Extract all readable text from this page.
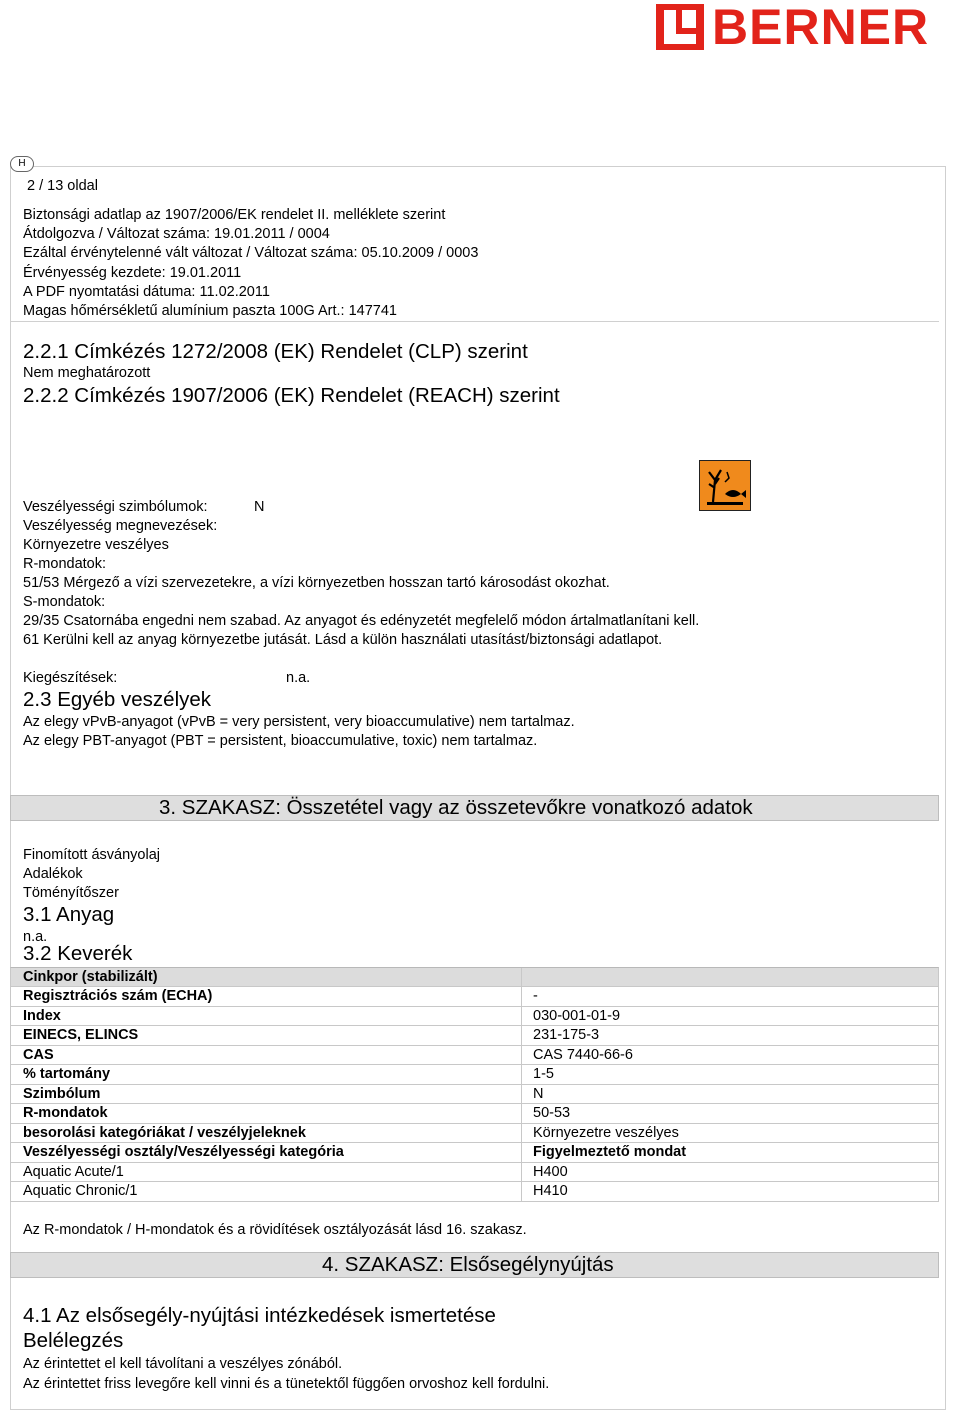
BERNER
H
2 / 13 oldal
Biztonsági adatlap az 1907/2006/EK rendelet II. melléklete szerint
Átdolgozva / Változat száma: 19.01.2011 / 0004
Ezáltal érvénytelenné vált változat / Változat száma: 05.10.2009 / 0003
Érvényesség kezdete: 19.01.2011
A PDF nyomtatási dátuma: 11.02.2011
Magas hőmérsékletű alumínium paszta 100G Art.: 147741
2.2.1 Címkézés 1272/2008 (EK) Rendelet (CLP) szerint
Nem meghatározott
2.2.2 Címkézés 1907/2006 (EK) Rendelet (REACH) szerint
Veszélyességi szimbólumok:	N
Veszélyesség megnevezések:
Környezetre veszélyes
R-mondatok:
51/53 Mérgező a vízi szervezetekre, a vízi környezetben hosszan tartó károsodást okozhat.
S-mondatok:
29/35 Csatornába engedni nem szabad. Az anyagot és edényzetét megfelelő módon ártalmatlanítani kell.
61 Kerülni kell az anyag környezetbe jutását. Lásd a külön használati utasítást/biztonsági adatlapot.
Kiegészítések:	n.a.
2.3 Egyéb veszélyek
Az elegy vPvB-anyagot (vPvB = very persistent, very bioaccumulative) nem tartalmaz.
Az elegy PBT-anyagot (PBT = persistent, bioaccumulative, toxic) nem tartalmaz.
3. SZAKASZ: Összetétel vagy az összetevőkre vonatkozó adatok
Finomított ásványolaj
Adalékok
Töményítőszer
3.1 Anyag
n.a.
3.2 Keverék
Cinkpor (stabilizált)
Regisztrációs szám (ECHA)	-
Index	030-001-01-9
EINECS, ELINCS	231-175-3
CAS	CAS 7440-66-6
% tartomány	1-5
Szimbólum	N
R-mondatok	50-53
besorolási kategóriákat / veszélyjeleknek	Környezetre veszélyes
Veszélyességi osztály/Veszélyességi kategória	Figyelmeztető mondat
Aquatic Acute/1	H400
Aquatic Chronic/1	H410
Az R-mondatok / H-mondatok és a rövidítések osztályozását lásd 16. szakasz.
4. SZAKASZ: Elsősegélynyújtás
4.1 Az elsősegély-nyújtási intézkedések ismertetése
Belélegzés
Az érintettet el kell távolítani a veszélyes zónából.
Az érintettet friss levegőre kell vinni és a tünetektől függően orvoshoz kell fordulni.
